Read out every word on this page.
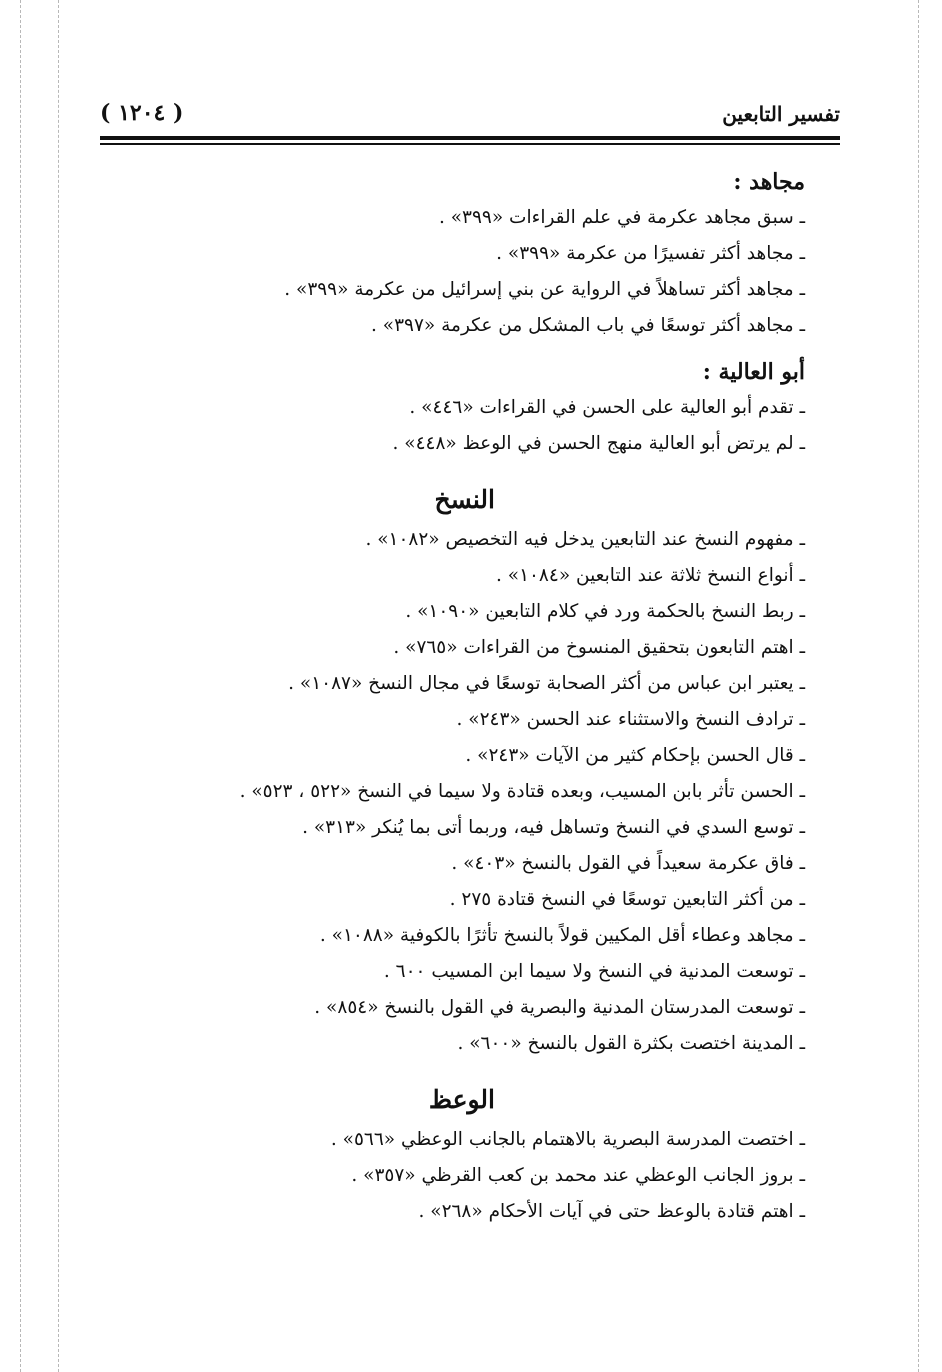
( ١٢٠٤ )	تفسير التابعين
مجاهد :

ـ سبق مجاهد عكرمة في علم القراءات «٣٩٩» .

ـ مجاهد أكثر تفسيرًا من عكرمة «٣٩٩» .

ـ مجاهد أكثر تساهلاً في الرواية عن بني إسرائيل من عكرمة «٣٩٩» .

ـ مجاهد أكثر توسعًا في باب المشكل من عكرمة «٣٩٧» .

أبو العالية :

ـ تقدم أبو العالية على الحسن في القراءات «٤٤٦» .

ـ لم يرتض أبو العالية منهج الحسن في الوعظ «٤٤٨» .

النسخ

ـ مفهوم النسخ عند التابعين يدخل فيه التخصيص «١٠٨٢» .

ـ أنواع النسخ ثلاثة عند التابعين «١٠٨٤» .

ـ ربط النسخ بالحكمة ورد في كلام التابعين «١٠٩٠» .

ـ اهتم التابعون بتحقيق المنسوخ من القراءات «٧٦٥» .

ـ يعتبر ابن عباس من أكثر الصحابة توسعًا في مجال النسخ «١٠٨٧» .

ـ ترادف النسخ والاستثناء عند الحسن «٢٤٣» .

ـ قال الحسن بإحكام كثير من الآيات «٢٤٣» .

ـ الحسن تأثر بابن المسيب، وبعده قتادة ولا سيما في النسخ «٥٢٢ ، ٥٢٣» .

ـ توسع السدي في النسخ وتساهل فيه، وربما أتى بما يُنكر «٣١٣» .

ـ فاق عكرمة سعيداً في القول بالنسخ «٤٠٣» .

ـ من أكثر التابعين توسعًا في النسخ قتادة ٢٧٥ .

ـ مجاهد وعطاء أقل المكيين قولاً بالنسخ تأثرًا بالكوفية «١٠٨٨» .

ـ توسعت المدنية في النسخ ولا سيما ابن المسيب ٦٠٠ .

ـ توسعت المدرستان المدنية والبصرية في القول بالنسخ «٨٥٤» .

ـ المدينة اختصت بكثرة القول بالنسخ «٦٠٠» .

الوعظ

ـ اختصت المدرسة البصرية بالاهتمام بالجانب الوعظي «٥٦٦» .

ـ بروز الجانب الوعظي عند محمد بن كعب القرظي «٣٥٧» .

ـ اهتم قتادة بالوعظ حتى في آيات الأحكام «٢٦٨» .
